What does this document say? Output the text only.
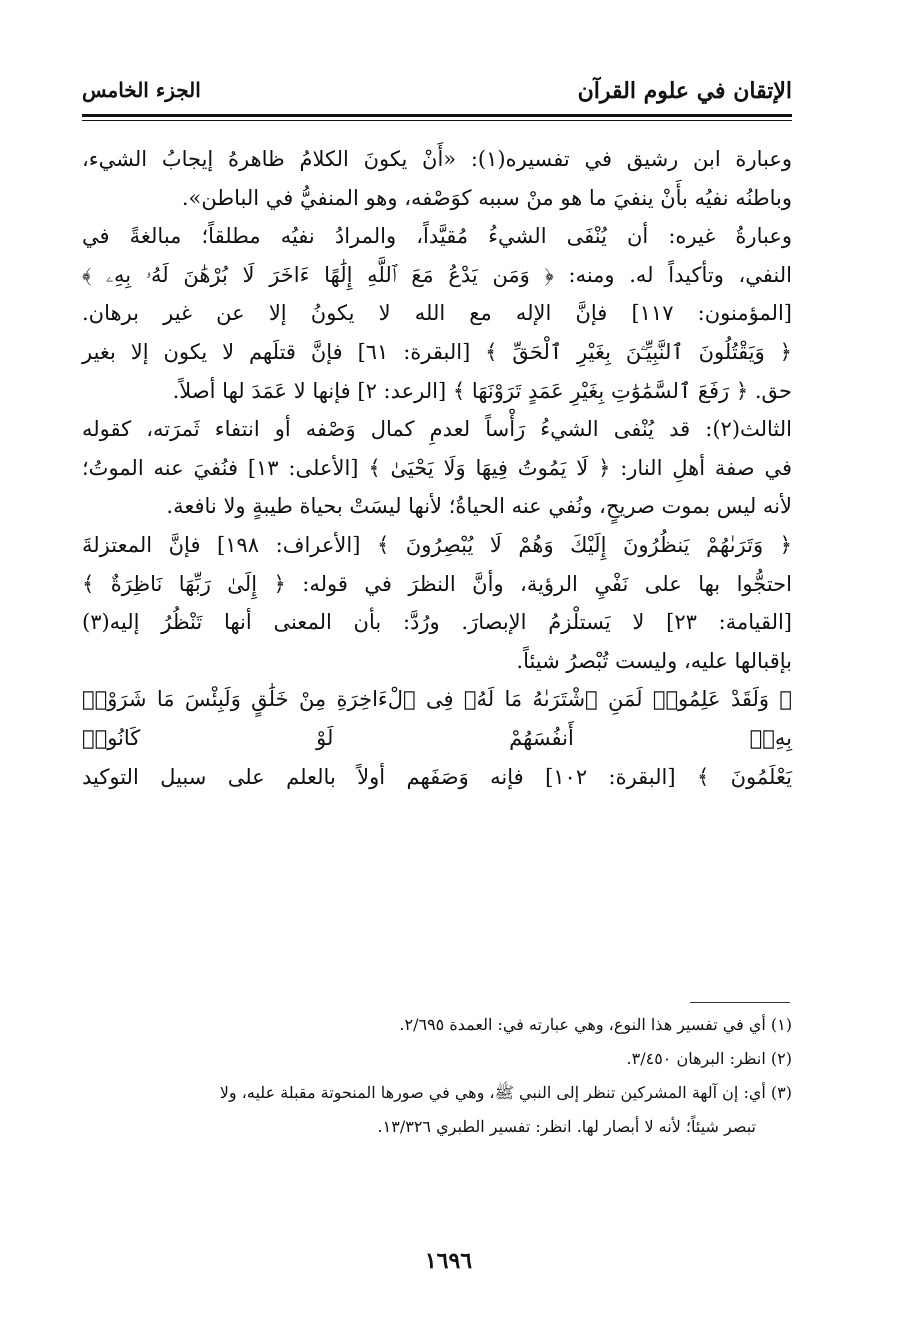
الإتقان في علوم القرآن
الجزء الخامس
وعبارة ابن رشيق في تفسيره(١): «أَنْ يكونَ الكلامُ ظاهرهُ إيجابُ الشيء،
وباطنُه نفيُه بأَنْ ينفيَ ما هو منْ سببه كوَصْفه، وهو المنفيُّ في الباطن».
وعبارةُ غيره: أن يُنْفَى الشيءُ مُقيَّداً، والمرادُ نفيُه مطلقاً؛ مبالغةً في
النفي، وتأكيداً له. ومنه: ﴿ وَمَن يَدْعُ مَعَ ٱللَّهِ إِلَٰهًا ءَاخَرَ لَا بُرْهَٰنَ لَهُۥ بِهِۦ ﴾
[المؤمنون: ١١٧] فإنَّ الإله مع الله لا يكونُ إلا عن غير برهان.
﴿ وَيَقْتُلُونَ ٱلنَّبِيِّـۧنَ بِغَيْرِ ٱلْحَقِّ ﴾ [البقرة: ٦١] فإنَّ قتلَهم لا يكون إلا بغير
حق. ﴿ رَفَعَ ٱلسَّمَٰوَٰتِ بِغَيْرِ عَمَدٍ تَرَوْنَهَا ﴾ [الرعد: ٢] فإنها لا عَمَدَ لها أصلاً.
الثالث(٢): قد يُنْفى الشيءُ رَأْساً لعدمِ كمال وَصْفه أو انتفاء ثَمرَته، كقوله
في صفة أهلِ النار: ﴿ لَا يَمُوتُ فِيهَا وَلَا يَحْيَىٰ ﴾ [الأعلى: ١٣] فنُفيَ عنه الموتُ؛
لأنه ليس بموت صريحٍ، ونُفي عنه الحياةُ؛ لأنها ليسَتْ بحياة طيبةٍ ولا نافعة.
﴿ وَتَرَىٰهُمْ يَنظُرُونَ إِلَيْكَ وَهُمْ لَا يُبْصِرُونَ ﴾ [الأعراف: ١٩٨] فإنَّ المعتزلةَ
احتجُّوا بها على نَفْيِ الرؤية، وأنَّ النظرَ في قوله: ﴿ إِلَىٰ رَبِّهَا نَاظِرَةٌ ﴾
[القيامة: ٢٣] لا يَستلْزمُ الإبصارَ. ورُدَّ: بأن المعنى أنها تَنْظُرُ إليه(٣)
بإقبالها عليه، وليست تُبْصرُ شيئاً.
﴿ وَلَقَدْ عَلِمُوا۟ لَمَنِ ٱشْتَرَىٰهُ مَا لَهُۥ فِى ٱلْءَاخِرَةِ مِنْ خَلَٰقٍ وَلَبِئْسَ مَا شَرَوْا۟ بِهِۦٓ أَنفُسَهُمْ لَوْ كَانُوا۟
يَعْلَمُونَ ﴾ [البقرة: ١٠٢] فإنه وَصَفَهم أولاً بالعلم على سبيل التوكيد
(١) أي في تفسير هذا النوع، وهي عبارته في: العمدة ٢/٦٩٥.
(٢) انظر: البرهان ٣/٤٥٠.
(٣) أي: إن آلهة المشركين تنظر إلى النبي ﷺ، وهي في صورها المنحوتة مقبلة عليه، ولا
تبصر شيئاً؛ لأنه لا أبصار لها. انظر: تفسير الطبري ١٣/٣٢٦.
١٦٩٦
